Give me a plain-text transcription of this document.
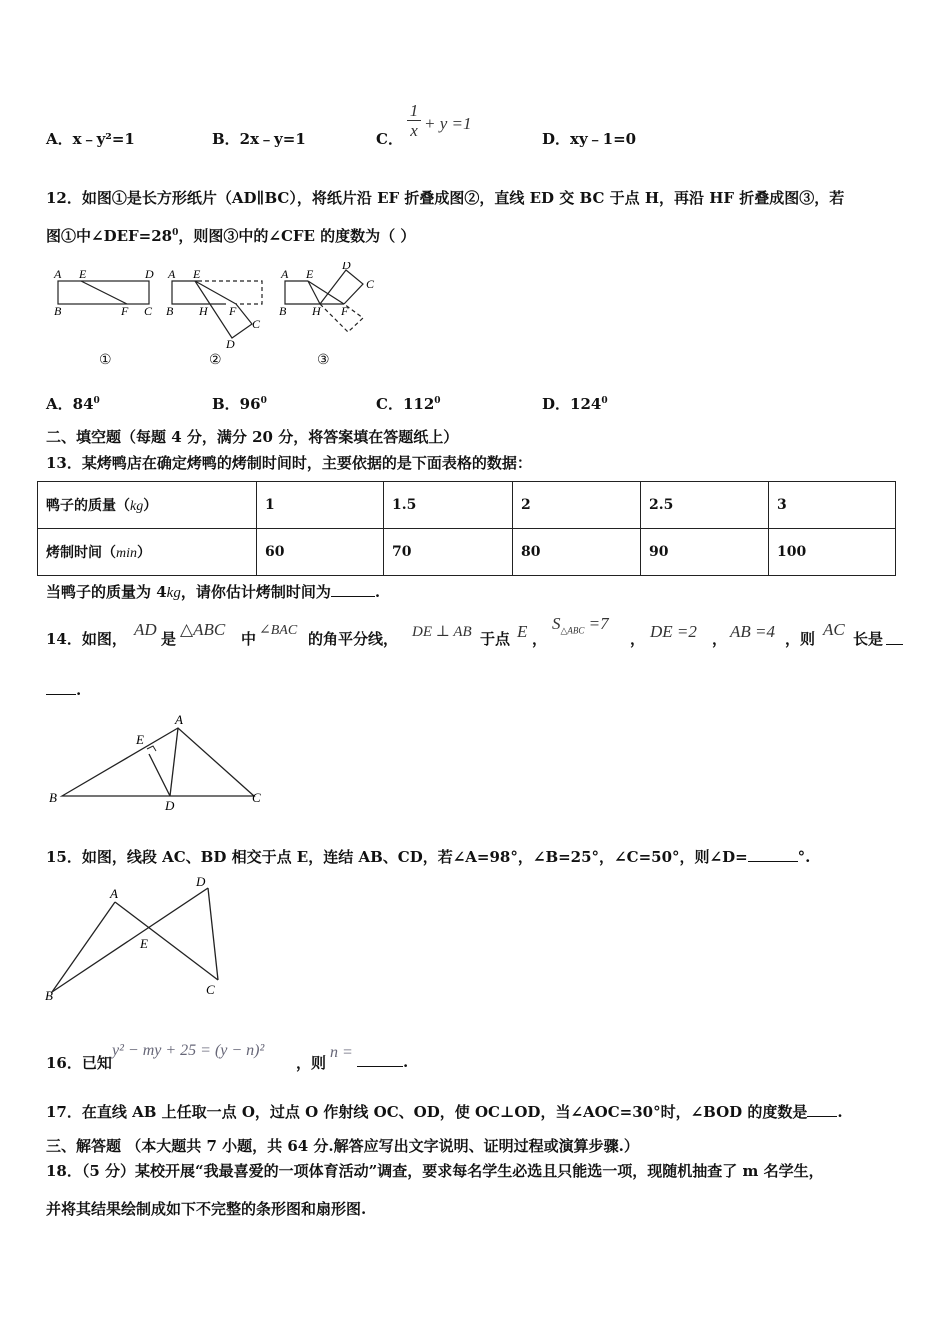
A．x﹣y²=1	B．2x﹣y=1	C． $\frac{1}{x} + y =1$
D．xy﹣1=0
12．如图①是长方形纸片（AD∥BC），将纸片沿 EF 折叠成图②，直线 ED 交 BC 于点 H，再沿 HF 折叠成图③，若
图①中$\angle DEF=28^0$，则图③中的∠CFE 的度数为（ ）
A E	D
B	F C
A E
B H F
C
D
A E
D
C
B H F
①	②	③
A．$84^0$	B．$96^0$	C．$112^0$	D．$124^0$
二、填空题（每题 4 分，满分 20 分，将答案填在答题纸上）
13．某烤鸭店在确定烤鸭的烤制时间时，主要依据的是下面表格的数据：
鸭子的质量（kg）	1	1.5	2	2.5	3
烤制时间（min）	60	70	80	90	100
当鸭子的质量为 4kg，请你估计烤制时间为	.
14．如图， AD 是 △ABC 中 ∠BAC 的角平分线， DE ⊥ AB 于点 E ，
$S_{\triangle ABC} =7$
， DE =2 ， AB =4 ，则 AC 长是
.
A
B	C
D
E
15．如图，线段 AC、BD 相交于点 E，连结 AB、CD，若∠A=98°，∠B=25°，∠C=50°，则∠D=	°.
A
B	C
D
E
16．已知
y² − my + 25 = (y − n)²
，则
n =
.
17．在直线 AB 上任取一点 O，过点 O 作射线 OC、OD，使 OC⊥OD，当∠AOC=30°时，∠BOD 的度数是 .
三、解答题 （本大题共 7 小题，共 64 分.解答应写出文字说明、证明过程或演算步骤.）
18．（5 分）某校开展“我最喜爱的一项体育活动”调查，要求每名学生必选且只能选一项，现随机抽查了 m 名学生，
并将其结果绘制成如下不完整的条形图和扇形图.
